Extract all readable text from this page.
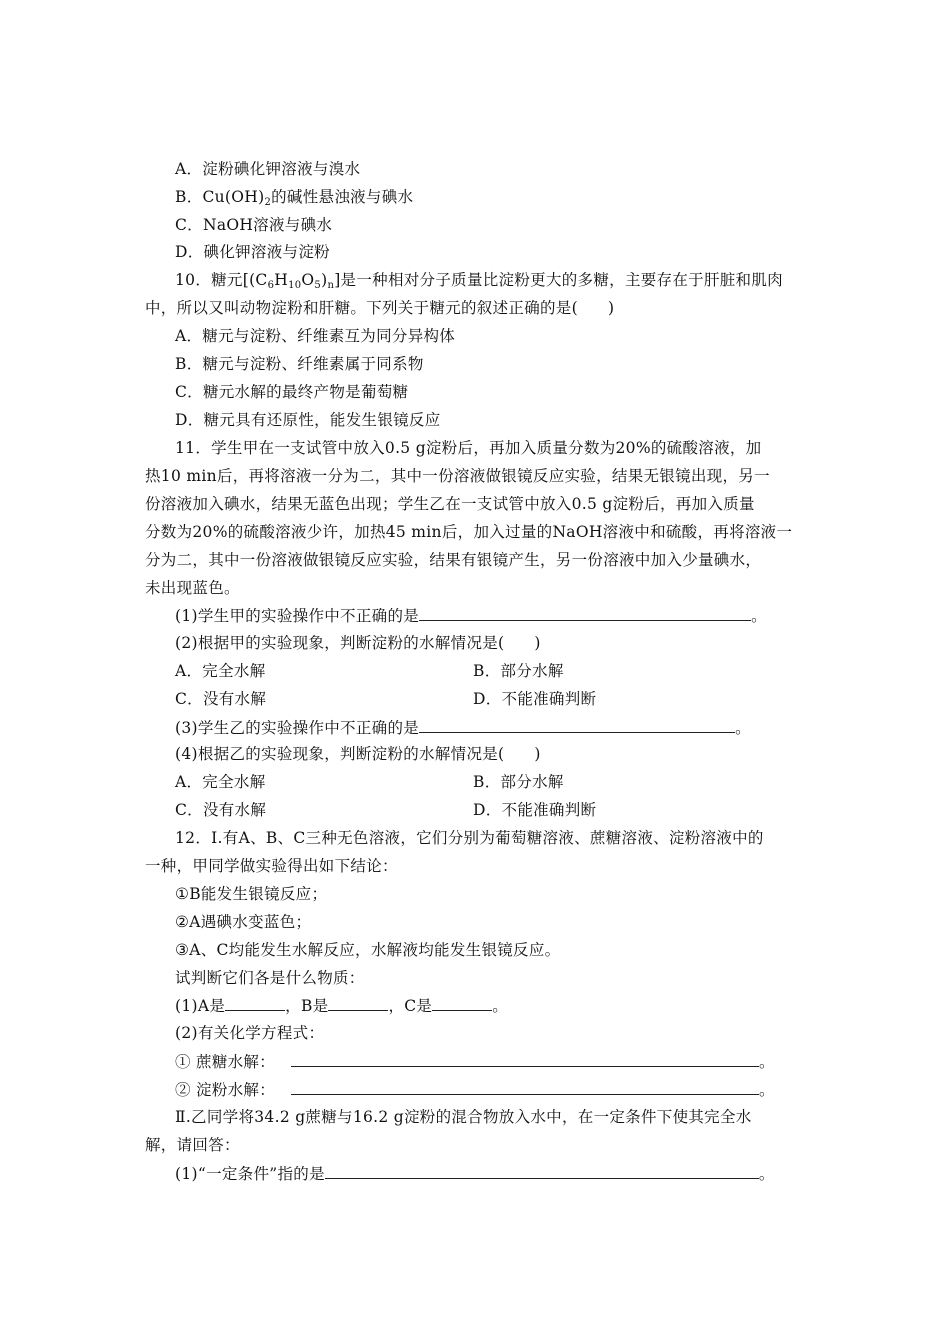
A．淀粉碘化钾溶液与溴水
B．$Cu(OH)_2$的碱性悬浊液与碘水
C．NaOH溶液与碘水
D．碘化钾溶液与淀粉
10．糖元$[(C_6H_{10}O_5)_n]$是一种相对分子质量比淀粉更大的多糖，主要存在于肝脏和肌肉
中，所以又叫动物淀粉和肝糖。下列关于糖元的叙述正确的是( )
A．糖元与淀粉、纤维素互为同分异构体
B．糖元与淀粉、纤维素属于同系物
C．糖元水解的最终产物是葡萄糖
D．糖元具有还原性，能发生银镜反应
11．学生甲在一支试管中放入0.5 g淀粉后，再加入质量分数为20%的硫酸溶液，加
热10 min后，再将溶液一分为二，其中一份溶液做银镜反应实验，结果无银镜出现，另一
份溶液加入碘水，结果无蓝色出现；学生乙在一支试管中放入0.5 g淀粉后，再加入质量
分数为20%的硫酸溶液少许，加热45 min后，加入过量的NaOH溶液中和硫酸，再将溶液一
分为二，其中一份溶液做银镜反应实验，结果有银镜产生，另一份溶液中加入少量碘水，
未出现蓝色。
(1)学生甲的实验操作中不正确的是	。
(2)根据甲的实验现象，判断淀粉的水解情况是( )
A．完全水解	B．部分水解
C．没有水解	D．不能准确判断
(3)学生乙的实验操作中不正确的是	。
(4)根据乙的实验现象，判断淀粉的水解情况是( )
A．完全水解	B．部分水解
C．没有水解	D．不能准确判断
12．Ⅰ.有A、B、C三种无色溶液，它们分别为葡萄糖溶液、蔗糖溶液、淀粉溶液中的
一种，甲同学做实验得出如下结论：
①B能发生银镜反应；
②A遇碘水变蓝色；
③A、C均能发生水解反应，水解液均能发生银镜反应。
试判断它们各是什么物质：
(1)A是	，B是	，C是	。
(2)有关化学方程式：
① 蔗糖水解：	。
② 淀粉水解：	。
Ⅱ.乙同学将34.2 g蔗糖与16.2 g淀粉的混合物放入水中，在一定条件下使其完全水
解，请回答：
(1)“一定条件”指的是	。
